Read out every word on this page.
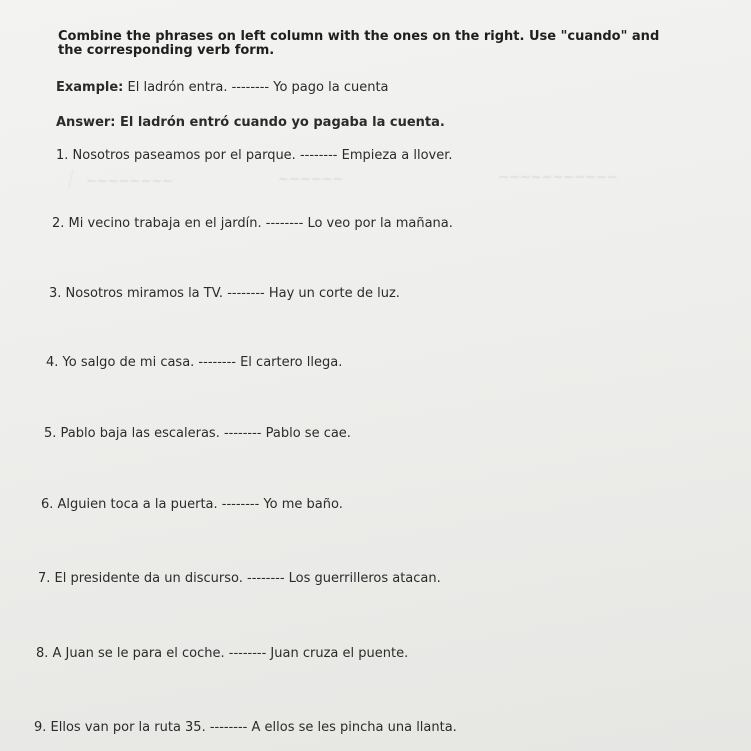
Combine the phrases on left column with the ones on the right. Use "cuando" and
the corresponding verb form.
Example: El ladrón entra. -------- Yo pago la cuenta
Answer: El ladrón entró cuando yo pagaba la cuenta.
1. Nosotros paseamos por el parque. -------- Empieza a llover.
~~~~~~~~	~~~~~~	~~~~~~~~~~~
2. Mi vecino trabaja en el jardín. -------- Lo veo por la mañana.
3. Nosotros miramos la TV. -------- Hay un corte de luz.
4. Yo salgo de mi casa. -------- El cartero llega.
5. Pablo baja las escaleras. -------- Pablo se cae.
6. Alguien toca a la puerta. -------- Yo me baño.
7. El presidente da un discurso. -------- Los guerrilleros atacan.
8. A Juan se le para el coche. -------- Juan cruza el puente.
9. Ellos van por la ruta 35. -------- A ellos se les pincha una llanta.
